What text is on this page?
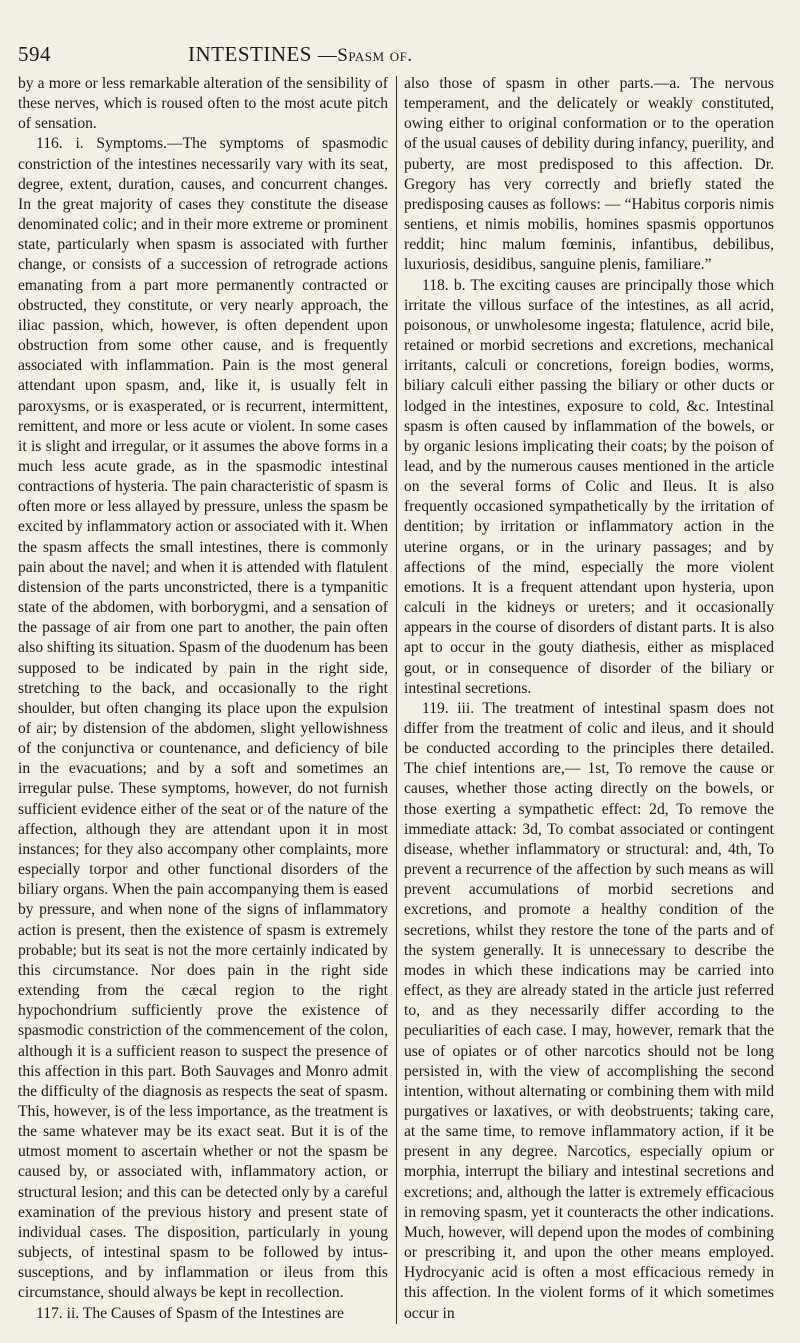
594	INTESTINES —Spasm of.

by a more or less remarkable alteration of the sensibility of these nerves, which is roused often to the most acute pitch of sensation.

116. i. Symptoms.—The symptoms of spasmodic constriction of the intestines necessarily vary with its seat, degree, extent, duration, causes, and concurrent changes. In the great majority of cases they constitute the disease denominated colic; and in their more extreme or prominent state, particularly when spasm is associated with further change, or consists of a succession of retrograde actions emanating from a part more permanently contracted or obstructed, they constitute, or very nearly approach, the iliac passion, which, however, is often dependent upon obstruction from some other cause, and is frequently associated with inflammation. Pain is the most general attendant upon spasm, and, like it, is usually felt in paroxysms, or is exasperated, or is recurrent, intermittent, remittent, and more or less acute or violent. In some cases it is slight and irregular, or it assumes the above forms in a much less acute grade, as in the spasmodic intestinal contractions of hysteria. The pain characteristic of spasm is often more or less allayed by pressure, unless the spasm be excited by inflammatory action or associated with it. When the spasm affects the small intestines, there is commonly pain about the navel; and when it is attended with flatulent distension of the parts unconstricted, there is a tympanitic state of the abdomen, with borborygmi, and a sensation of the passage of air from one part to another, the pain often also shifting its situation. Spasm of the duodenum has been supposed to be indicated by pain in the right side, stretching to the back, and occasionally to the right shoulder, but often changing its place upon the expulsion of air; by distension of the abdomen, slight yellowishness of the conjunctiva or countenance, and deficiency of bile in the evacuations; and by a soft and sometimes an irregular pulse. These symptoms, however, do not furnish sufficient evidence either of the seat or of the nature of the affection, although they are attendant upon it in most instances; for they also accompany other complaints, more especially torpor and other functional disorders of the biliary organs. When the pain accompanying them is eased by pressure, and when none of the signs of inflammatory action is present, then the existence of spasm is extremely probable; but its seat is not the more certainly indicated by this circumstance. Nor does pain in the right side extending from the cæcal region to the right hypochondrium sufficiently prove the existence of spasmodic constriction of the commencement of the colon, although it is a sufficient reason to suspect the presence of this affection in this part. Both Sauvages and Monro admit the difficulty of the diagnosis as respects the seat of spasm. This, however, is of the less importance, as the treatment is the same whatever may be its exact seat. But it is of the utmost moment to ascertain whether or not the spasm be caused by, or associated with, inflammatory action, or structural lesion; and this can be detected only by a careful examination of the previous history and present state of individual cases. The disposition, particularly in young subjects, of intestinal spasm to be followed by intus-susceptions, and by inflammation or ileus from this circumstance, should always be kept in recollection.

117. ii. The Causes of Spasm of the Intestines are

also those of spasm in other parts.—a. The nervous temperament, and the delicately or weakly constituted, owing either to original conformation or to the operation of the usual causes of debility during infancy, puerility, and puberty, are most predisposed to this affection. Dr. Gregory has very correctly and briefly stated the predisposing causes as follows: — “Habitus corporis nimis sentiens, et nimis mobilis, homines spasmis opportunos reddit; hinc malum fœminis, infantibus, debilibus, luxuriosis, desidibus, sanguine plenis, familiare.”

118. b. The exciting causes are principally those which irritate the villous surface of the intestines, as all acrid, poisonous, or unwholesome ingesta; flatulence, acrid bile, retained or morbid secretions and excretions, mechanical irritants, calculi or concretions, foreign bodies, worms, biliary calculi either passing the biliary or other ducts or lodged in the intestines, exposure to cold, &c. Intestinal spasm is often caused by inflammation of the bowels, or by organic lesions implicating their coats; by the poison of lead, and by the numerous causes mentioned in the article on the several forms of Colic and Ileus. It is also frequently occasioned sympathetically by the irritation of dentition; by irritation or inflammatory action in the uterine organs, or in the urinary passages; and by affections of the mind, especially the more violent emotions. It is a frequent attendant upon hysteria, upon calculi in the kidneys or ureters; and it occasionally appears in the course of disorders of distant parts. It is also apt to occur in the gouty diathesis, either as misplaced gout, or in consequence of disorder of the biliary or intestinal secretions.

119. iii. The treatment of intestinal spasm does not differ from the treatment of colic and ileus, and it should be conducted according to the principles there detailed. The chief intentions are,— 1st, To remove the cause or causes, whether those acting directly on the bowels, or those exerting a sympathetic effect: 2d, To remove the immediate attack: 3d, To combat associated or contingent disease, whether inflammatory or structural: and, 4th, To prevent a recurrence of the affection by such means as will prevent accumulations of morbid secretions and excretions, and promote a healthy condition of the secretions, whilst they restore the tone of the parts and of the system generally. It is unnecessary to describe the modes in which these indications may be carried into effect, as they are already stated in the article just referred to, and as they necessarily differ according to the peculiarities of each case. I may, however, remark that the use of opiates or of other narcotics should not be long persisted in, with the view of accomplishing the second intention, without alternating or combining them with mild purgatives or laxatives, or with deobstruents; taking care, at the same time, to remove inflammatory action, if it be present in any degree. Narcotics, especially opium or morphia, interrupt the biliary and intestinal secretions and excretions; and, although the latter is extremely efficacious in removing spasm, yet it counteracts the other indications. Much, however, will depend upon the modes of combining or prescribing it, and upon the other means employed. Hydrocyanic acid is often a most efficacious remedy in this affection. In the violent forms of it which sometimes occur in
